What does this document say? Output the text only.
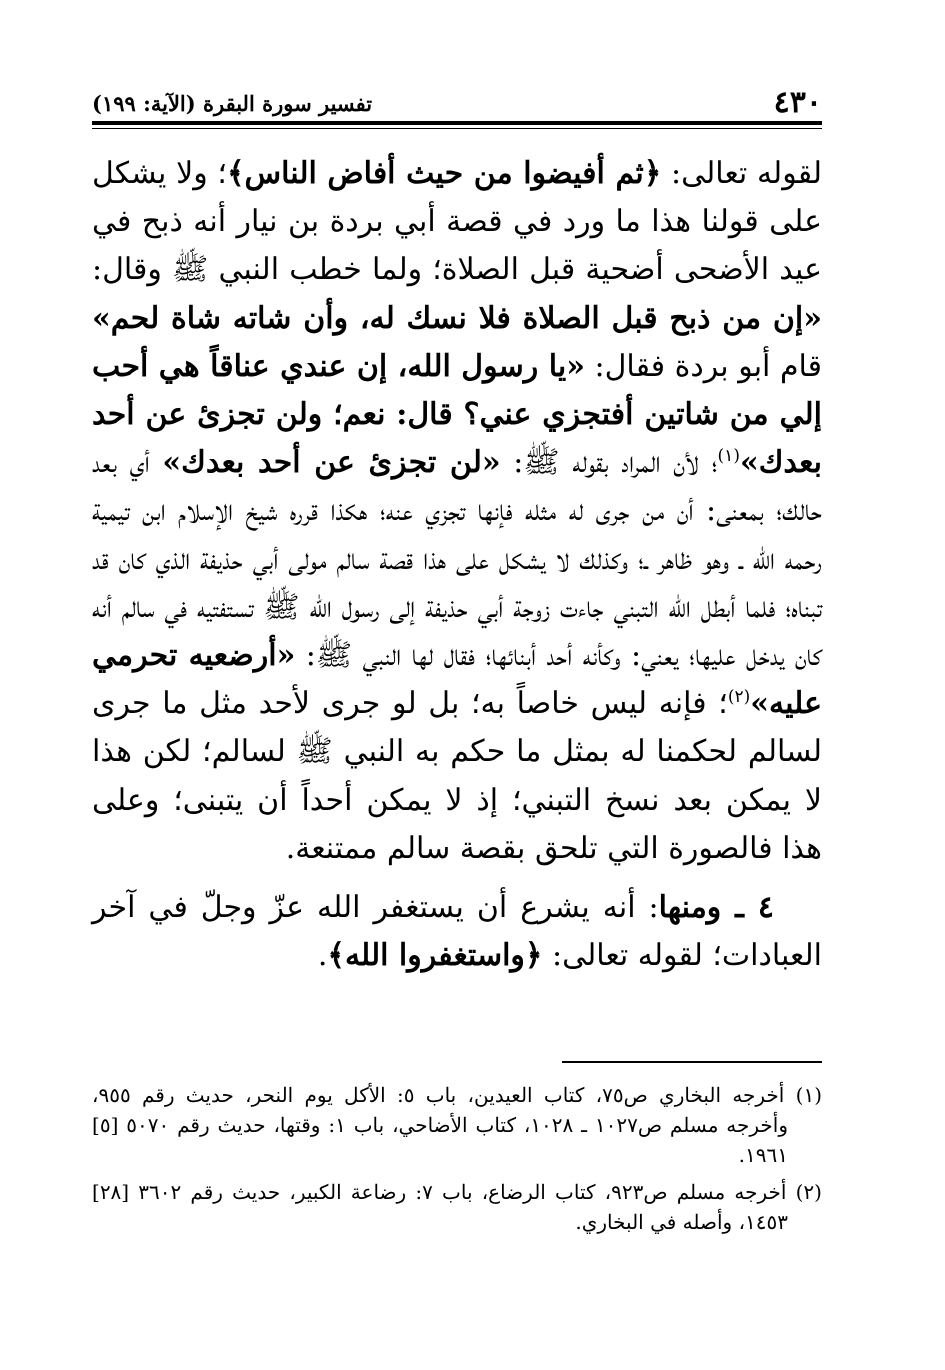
٤٣٠
تفسير سورة البقرة (الآية: ١٩٩)

لقوله تعالى: ﴿ثم أفيضوا من حيث أفاض الناس﴾؛ ولا يشكل على قولنا هذا ما ورد في قصة أبي بردة بن نيار أنه ذبح في عيد الأضحى أضحية قبل الصلاة؛ ولما خطب النبي ﷺ وقال: «إن من ذبح قبل الصلاة فلا نسك له، وأن شاته شاة لحم» قام أبو بردة فقال: «يا رسول الله، إن عندي عناقاً هي أحب إلي من شاتين أفتجزي عني؟ قال: نعم؛ ولن تجزئ عن أحد بعدك»$^{(١)}$؛ لأن المراد بقوله ﷺ: «لن تجزئ عن أحد بعدك» أي بعد حالك؛ بمعنى: أن من جرى له مثله فإنها تجزي عنه؛ هكذا قرره شيخ الإسلام ابن تيمية رحمه الله ـ وهو ظاهر ـ؛ وكذلك لا يشكل على هذا قصة سالم مولى أبي حذيفة الذي كان قد تبناه؛ فلما أبطل الله التبني جاءت زوجة أبي حذيفة إلى رسول الله ﷺ تستفتيه في سالم أنه كان يدخل عليها؛ يعني: وكأنه أحد أبنائها؛ فقال لها النبي ﷺ: «أرضعيه تحرمي عليه»$^{(٢)}$؛ فإنه ليس خاصاً به؛ بل لو جرى لأحد مثل ما جرى لسالم لحكمنا له بمثل ما حكم به النبي ﷺ لسالم؛ لكن هذا لا يمكن بعد نسخ التبني؛ إذ لا يمكن أحداً أن يتبنى؛ وعلى هذا فالصورة التي تلحق بقصة سالم ممتنعة.

٤ ـ ومنها: أنه يشرع أن يستغفر الله عزّ وجلّ في آخر العبادات؛ لقوله تعالى: ﴿واستغفروا الله﴾.

(١) أخرجه البخاري ص٧٥، كتاب العيدين، باب ٥: الأكل يوم النحر، حديث رقم ٩٥٥، وأخرجه مسلم ص١٠٢٧ ـ ١٠٢٨، كتاب الأضاحي، باب ١: وقتها، حديث رقم ٥٠٧٠ [٥] ١٩٦١.

(٢) أخرجه مسلم ص٩٢٣، كتاب الرضاع، باب ٧: رضاعة الكبير، حديث رقم ٣٦٠٢ [٢٨] ١٤٥٣، وأصله في البخاري.
